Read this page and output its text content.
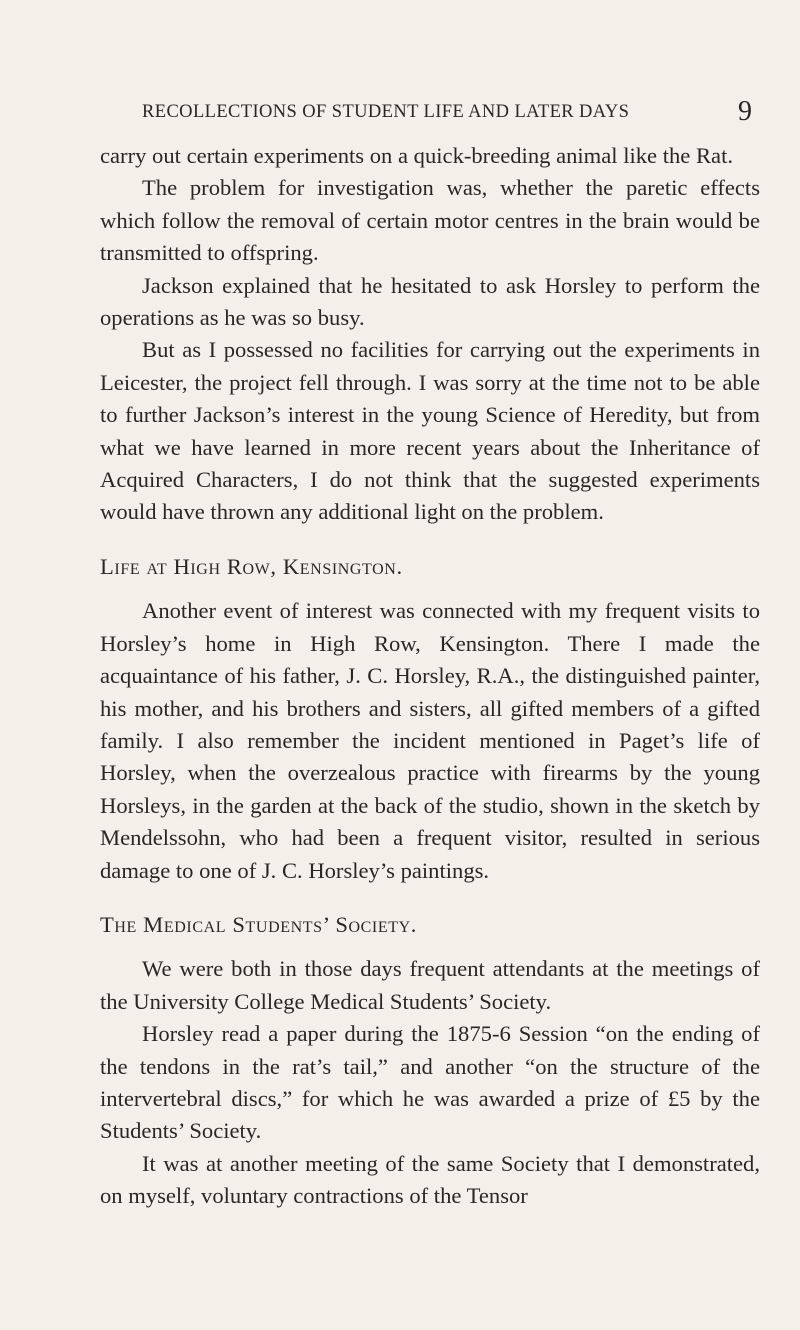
RECOLLECTIONS OF STUDENT LIFE AND LATER DAYS	9

carry out certain experiments on a quick-breeding animal like the Rat.

The problem for investigation was, whether the paretic effects which follow the removal of certain motor centres in the brain would be transmitted to offspring.

Jackson explained that he hesitated to ask Horsley to perform the operations as he was so busy.

But as I possessed no facilities for carrying out the experiments in Leicester, the project fell through. I was sorry at the time not to be able to further Jackson’s interest in the young Science of Heredity, but from what we have learned in more recent years about the Inheritance of Acquired Characters, I do not think that the suggested experiments would have thrown any additional light on the problem.

Life at High Row, Kensington.

Another event of interest was connected with my frequent visits to Horsley’s home in High Row, Kensington. There I made the acquaintance of his father, J. C. Horsley, R.A., the distinguished painter, his mother, and his brothers and sisters, all gifted members of a gifted family. I also remember the incident mentioned in Paget’s life of Horsley, when the overzealous practice with firearms by the young Horsleys, in the garden at the back of the studio, shown in the sketch by Mendelssohn, who had been a frequent visitor, resulted in serious damage to one of J. C. Horsley’s paintings.

The Medical Students’ Society.

We were both in those days frequent attendants at the meetings of the University College Medical Students’ Society.

Horsley read a paper during the 1875-6 Session “on the ending of the tendons in the rat’s tail,” and another “on the structure of the intervertebral discs,” for which he was awarded a prize of £5 by the Students’ Society.

It was at another meeting of the same Society that I demonstrated, on myself, voluntary contractions of the Tensor
